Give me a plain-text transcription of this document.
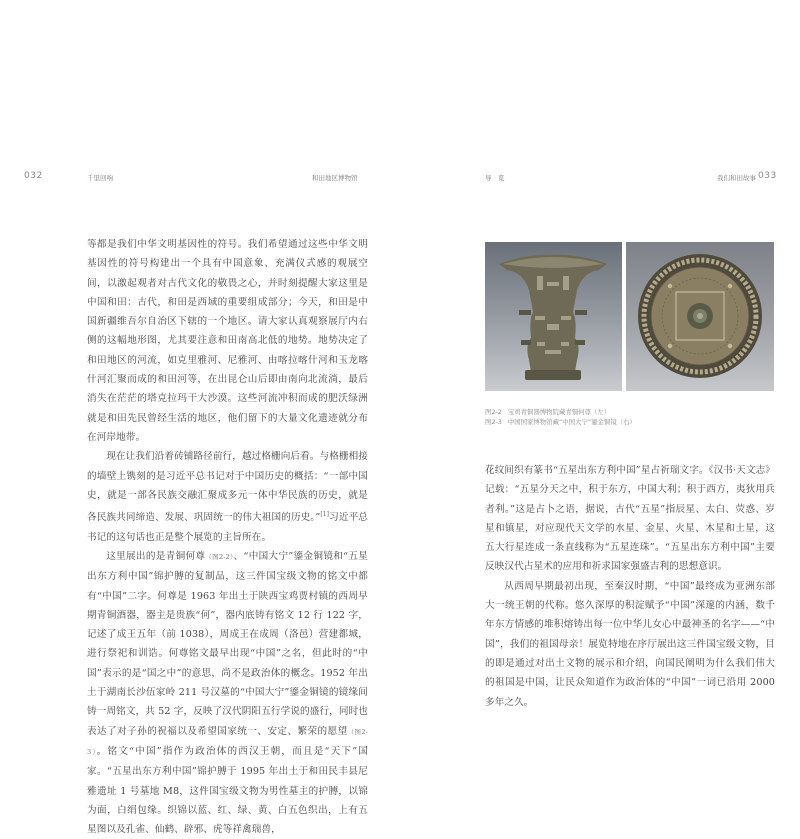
032	千里回响	和田地区博物馆

等都是我们中华文明基因性的符号。我们希望通过这些中华文明基因性的符号构建出一个具有中国意象、充满仪式感的观展空间，以激起观者对古代文化的敬畏之心，并时刻提醒大家这里是中国和田：古代，和田是西域的重要组成部分；今天，和田是中国新疆维吾尔自治区下辖的一个地区。请大家认真观察展厅内右侧的这幅地形图，尤其要注意和田南高北低的地势。地势决定了和田地区的河流，如克里雅河、尼雅河、由喀拉喀什河和玉龙喀什河汇聚而成的和田河等，在出昆仑山后即由南向北流淌，最后消失在茫茫的塔克拉玛干大沙漠。这些河流冲积而成的肥沃绿洲就是和田先民曾经生活的地区，他们留下的大量文化遗迹就分布在河岸地带。

现在让我们沿着砖铺路径前行，越过格栅向后看。与格栅相接的墙壁上镌刻的是习近平总书记对于中国历史的概括：“一部中国史，就是一部各民族交融汇聚成多元一体中华民族的历史，就是各民族共同缔造、发展、巩固统一的伟大祖国的历史。”[1]习近平总书记的这句话也正是整个展览的主旨所在。

这里展出的是青铜何尊（图2-2）、“中国大宁”鎏金铜镜和“五星出东方利中国”锦护膊的复制品，这三件国宝级文物的铭文中都有“中国”二字。何尊是 1963 年出土于陕西宝鸡贾村镇的西周早期青铜酒器，器主是贵族“何”，器内底铸有铭文 12 行 122 字，记述了成王五年（前 1038），周成王在成周（洛邑）营建都城，进行祭祀和训诰。何尊铭文最早出现“中国”之名，但此时的“中国”表示的是“国之中”的意思，尚不是政治体的概念。1952 年出土于湖南长沙伍家岭 211 号汉墓的“中国大宁”鎏金铜镜的镜缘间铸一周铭文，共 52 字，反映了汉代阴阳五行学说的盛行，同时也表达了对子孙的祝福以及希望国家统一、安定、繁荣的愿望（图2-3）。铭文“中国”指作为政治体的西汉王朝，而且是“天下”国家。“五星出东方利中国”锦护膊于 1995 年出土于和田民丰县尼雅遗址 1 号墓地 M8，这件国宝级文物为男性墓主的护膊，以锦为面，白绢包缘。织锦以蓝、红、绿、黄、白五色织出，上有五星图以及孔雀、仙鹤、辟邪、虎等祥禽瑞兽，

导　览	我们和田故事 033
图2-2 宝鸡青铜器博物院藏青铜何尊（左）
图2-3 中国国家博物馆藏“中国大宁”鎏金铜镜（右）

花纹间织有篆书“五星出东方利中国”星占祈瑞文字。《汉书·天文志》记载：“五星分天之中，积于东方，中国大利；积于西方，夷狄用兵者利。”这是占卜之语，据说，古代“五星”指辰星、太白、荧惑、岁星和镇星，对应现代天文学的水星、金星、火星、木星和土星，这五大行星连成一条直线称为“五星连珠”。“五星出东方利中国”主要反映汉代占星术的应用和祈求国家强盛吉利的思想意识。

从西周早期最初出现，至秦汉时期，“中国”最终成为亚洲东部大一统王朝的代称。悠久深厚的积淀赋予“中国”深邃的内涵，数千年东方情感的堆积熔铸出每一位中华儿女心中最神圣的名字——“中国”，我们的祖国母亲！展览特地在序厅展出这三件国宝级文物，目的即是通过对出土文物的展示和介绍，向国民阐明为什么我们伟大的祖国是中国，让民众知道作为政治体的“中国”一词已沿用 2000 多年之久。
